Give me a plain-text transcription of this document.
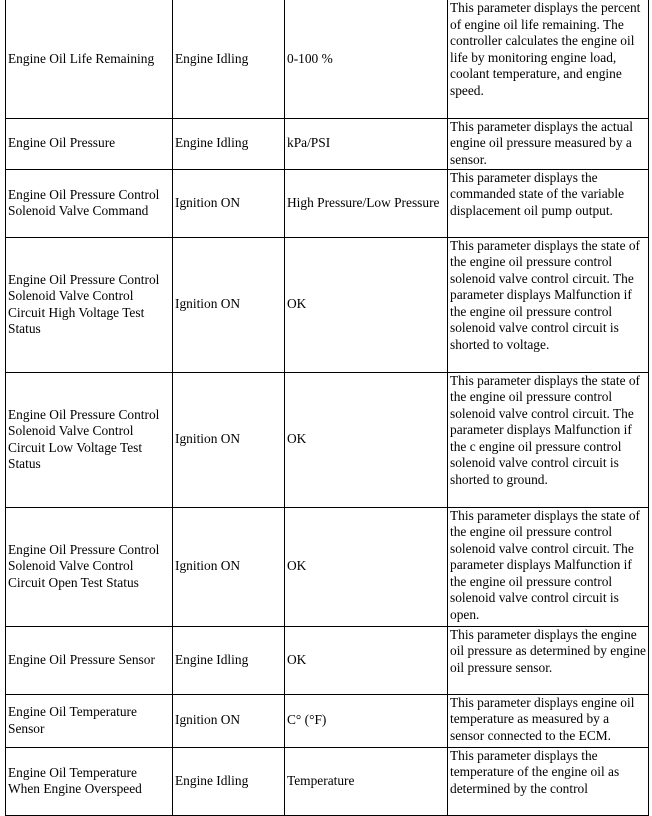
Engine Oil Life Remaining	Engine Idling	0-100 %	This parameter displays the percent of engine oil life remaining. The controller calculates the engine oil life by monitoring engine load, coolant temperature, and engine speed.
Engine Oil Pressure	Engine Idling	kPa/PSI	This parameter displays the actual engine oil pressure measured by a sensor.
Engine Oil Pressure Control Solenoid Valve Command	Ignition ON	High Pressure/Low Pressure	This parameter displays the commanded state of the variable displacement oil pump output.
Engine Oil Pressure Control Solenoid Valve Control Circuit High Voltage Test Status	Ignition ON	OK	This parameter displays the state of the engine oil pressure control solenoid valve control circuit. The parameter displays Malfunction if the engine oil pressure control solenoid valve control circuit is shorted to voltage.
Engine Oil Pressure Control Solenoid Valve Control Circuit Low Voltage Test Status	Ignition ON	OK	This parameter displays the state of the engine oil pressure control solenoid valve control circuit. The parameter displays Malfunction if the c engine oil pressure control solenoid valve control circuit is shorted to ground.
Engine Oil Pressure Control Solenoid Valve Control Circuit Open Test Status	Ignition ON	OK	This parameter displays the state of the engine oil pressure control solenoid valve control circuit. The parameter displays Malfunction if the engine oil pressure control solenoid valve control circuit is open.
Engine Oil Pressure Sensor	Engine Idling	OK	This parameter displays the engine oil pressure as determined by engine oil pressure sensor.
Engine Oil Temperature Sensor	Ignition ON	C° (°F)	This parameter displays engine oil temperature as measured by a sensor connected to the ECM.
Engine Oil Temperature When Engine Overspeed	Engine Idling	Temperature	This parameter displays the temperature of the engine oil as determined by the control
